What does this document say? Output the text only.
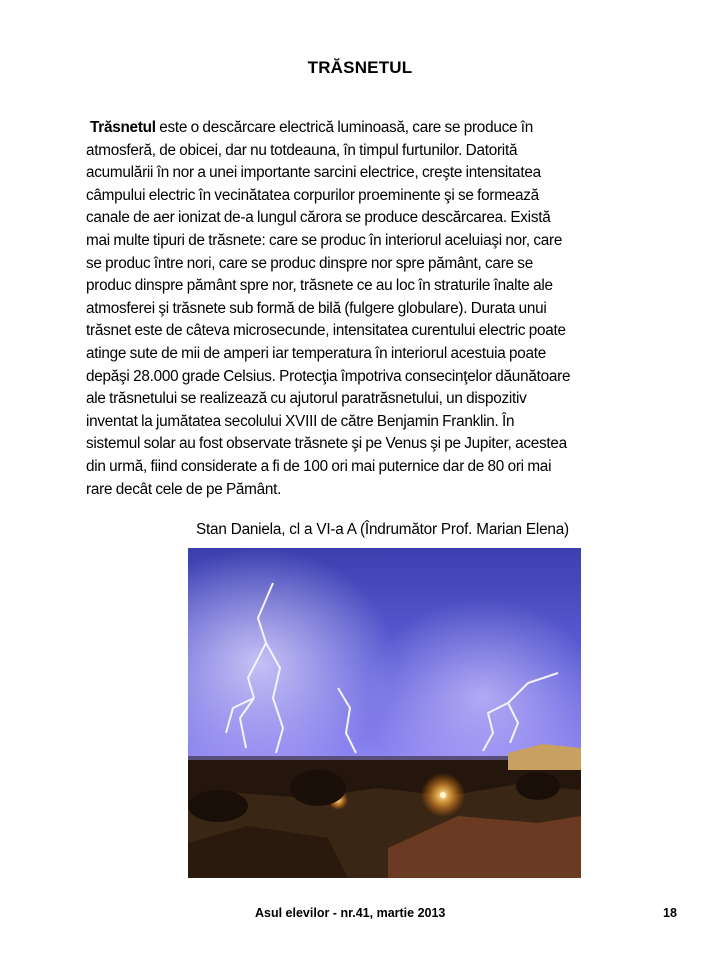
TRĂSNETUL
Trăsnetul este o descărcare electrică luminoasă, care se produce în
atmosferă, de obicei, dar nu totdeauna, în timpul furtunilor. Datorită
acumulării în nor a unei importante sarcini electrice, creşte intensitatea
câmpului electric în vecinătatea corpurilor proeminente şi se formează
canale de aer ionizat de-a lungul cărora se produce descărcarea. Există
mai multe tipuri de trăsnete: care se produc în interiorul aceluiaşi nor, care
se produc între nori, care se produc dinspre nor spre pământ, care se
produc dinspre pământ spre nor, trăsnete ce au loc în straturile înalte ale
atmosferei şi trăsnete sub formă de bilă (fulgere globulare). Durata unui
trăsnet este de câteva microsecunde, intensitatea curentului electric poate
atinge sute de mii de amperi iar temperatura în interiorul acestuia poate
depăşi 28.000 grade Celsius. Protecţia împotriva consecinţelor dăunătoare
ale trăsnetului se realizează cu ajutorul paratrăsnetului, un dispozitiv
inventat la jumătatea secolului XVIII de către Benjamin Franklin. În
sistemul solar au fost observate trăsnete şi pe Venus şi pe Jupiter, acestea
din urmă, fiind considerate a fi de 100 ori mai puternice dar de 80 ori mai
rare decât cele de pe Pământ.
Stan Daniela, cl a VI-a A (Îndrumător Prof. Marian Elena)
Asul elevilor - nr.41, martie 2013	18
